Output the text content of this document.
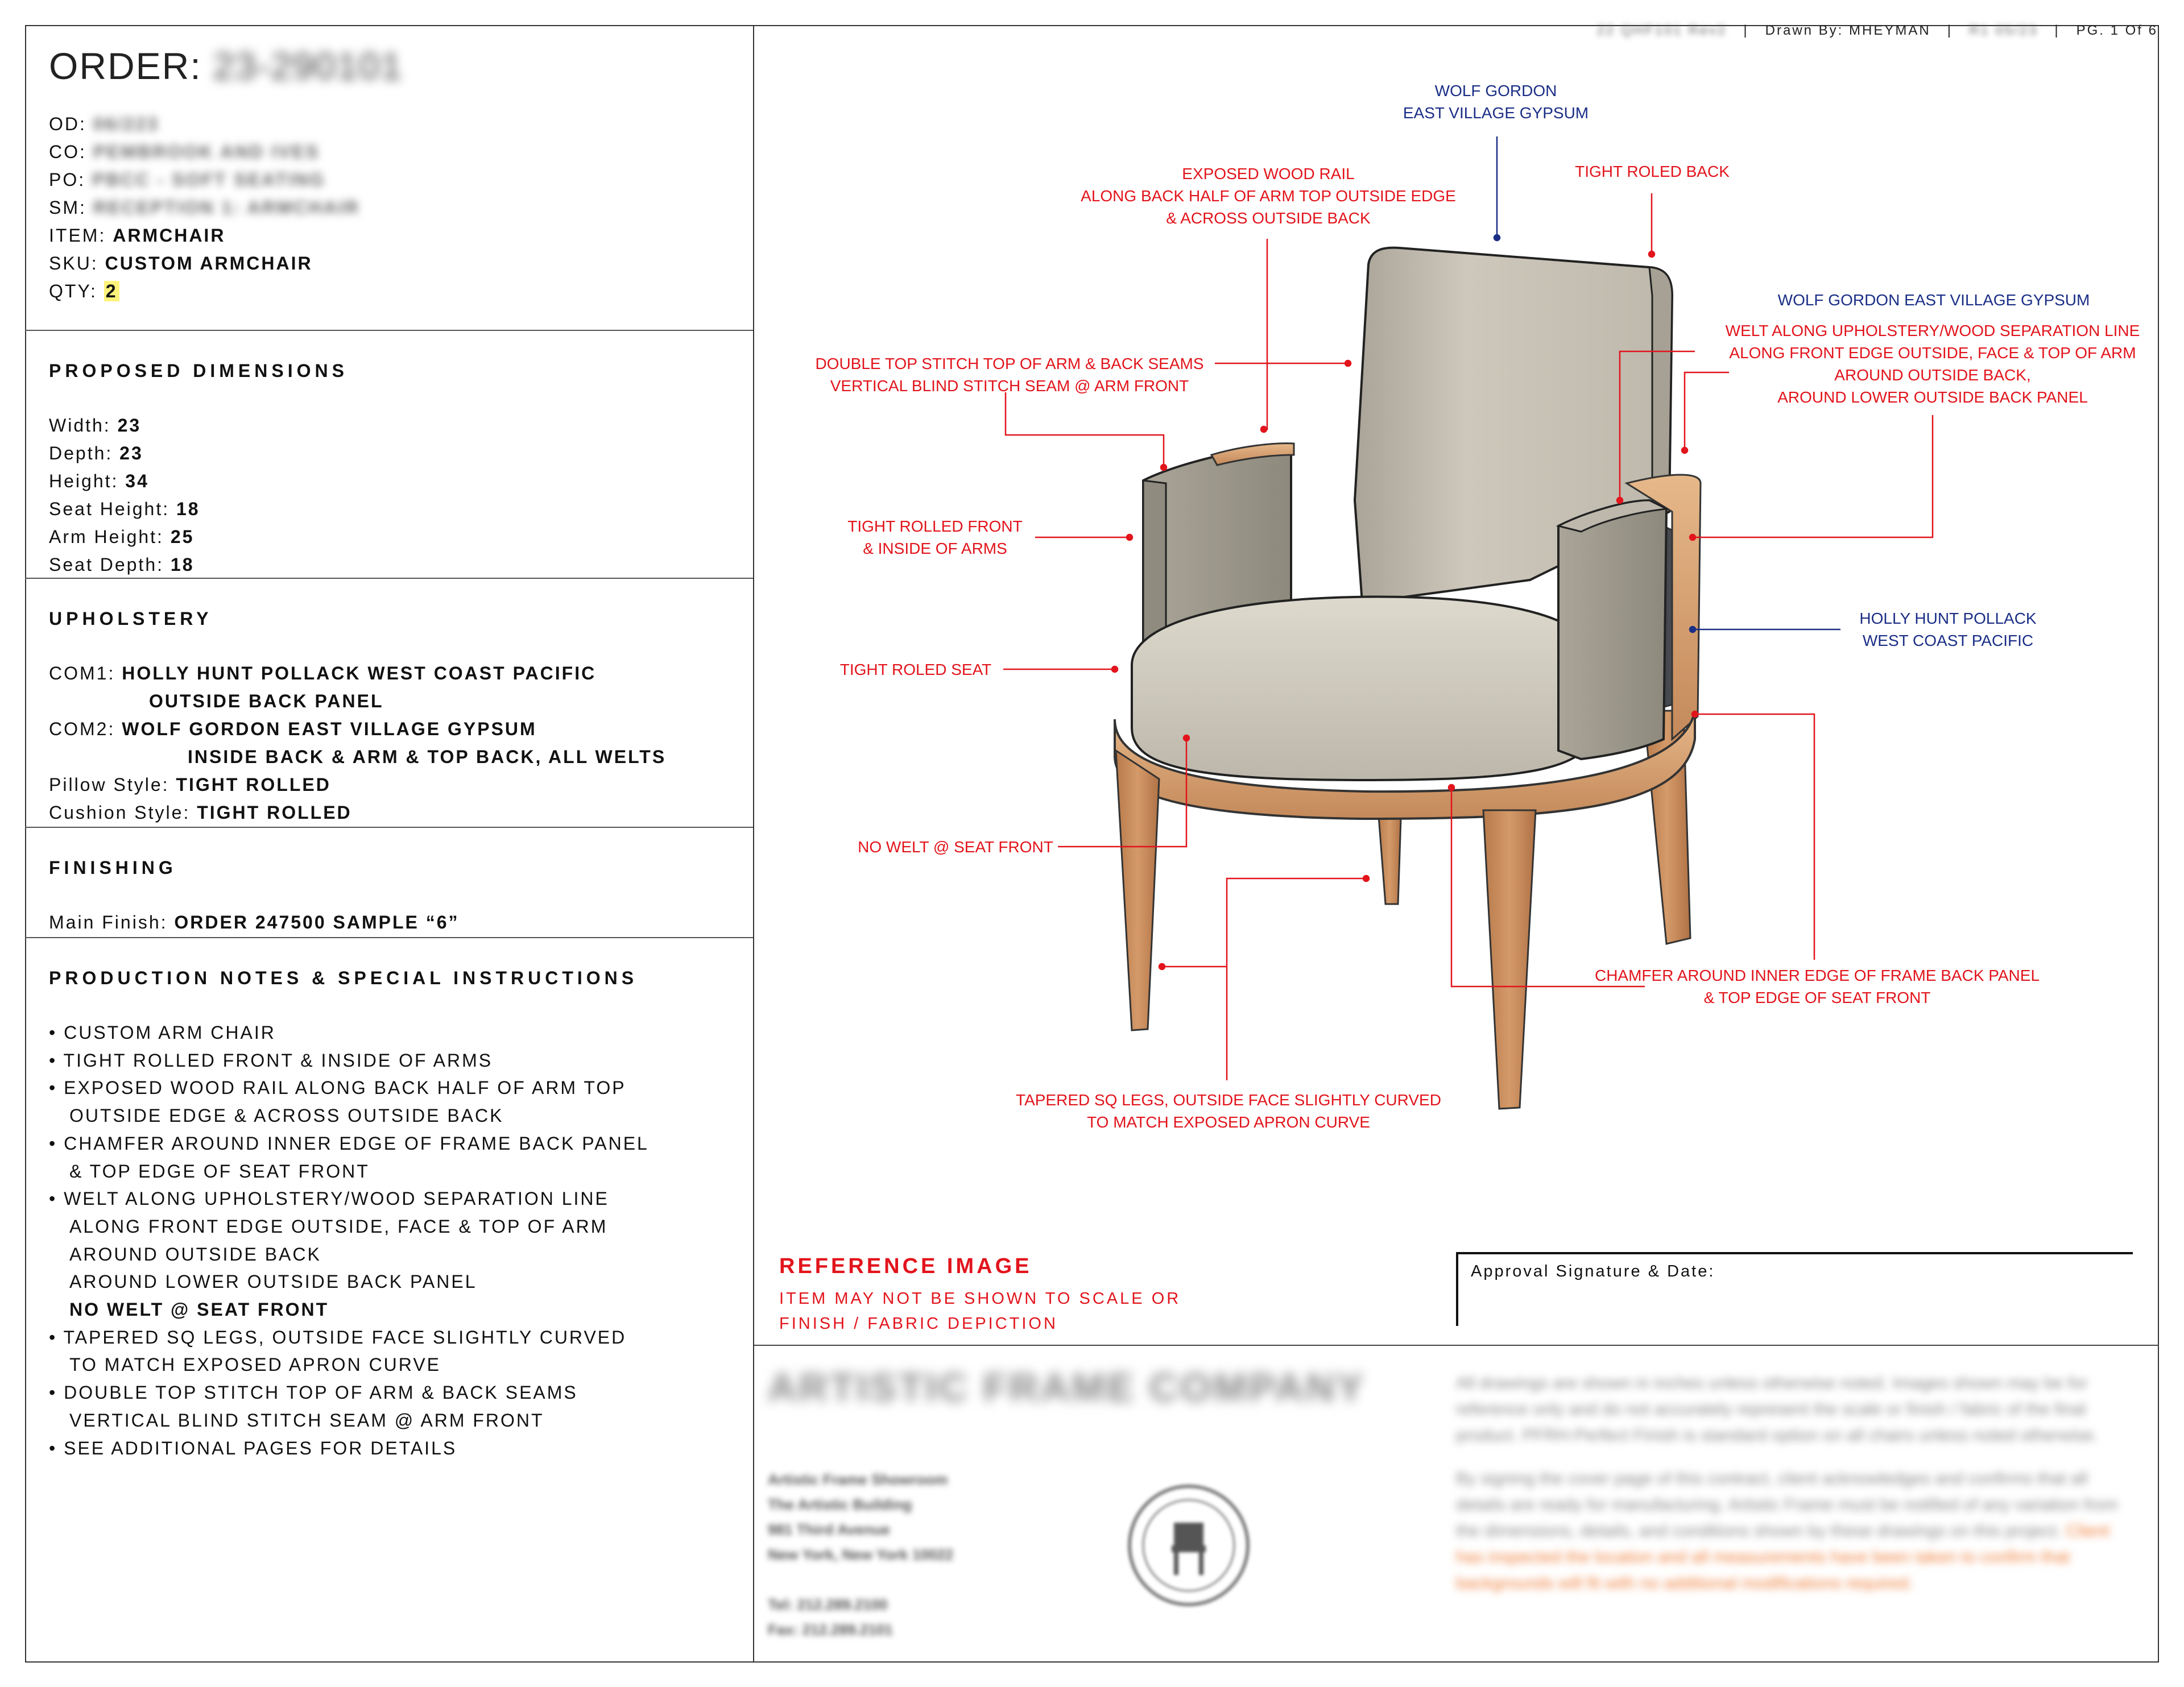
ORDER: 23-290101
OD: 06/223
CO: PEMBROOK AND IVES
PO: PBCC - SOFT SEATING
SM: RECEPTION 1: ARMCHAIR
ITEM: ARMCHAIR
SKU: CUSTOM ARMCHAIR
QTY: 2
PROPOSED DIMENSIONS
Width: 23
Depth: 23
Height: 34
Seat Height: 18
Arm Height: 25
Seat Depth: 18
UPHOLSTERY
COM1: HOLLY HUNT POLLACK WEST COAST PACIFIC
OUTSIDE BACK PANEL
COM2: WOLF GORDON EAST VILLAGE GYPSUM
INSIDE BACK & ARM & TOP BACK, ALL WELTS
Pillow Style: TIGHT ROLLED
Cushion Style: TIGHT ROLLED
FINISHING
Main Finish: ORDER 247500 SAMPLE “6”
PRODUCTION NOTES & SPECIAL INSTRUCTIONS
• CUSTOM ARM CHAIR
• TIGHT ROLLED FRONT & INSIDE OF ARMS
• EXPOSED WOOD RAIL ALONG BACK HALF OF ARM TOP
OUTSIDE EDGE & ACROSS OUTSIDE BACK
• CHAMFER AROUND INNER EDGE OF FRAME BACK PANEL
& TOP EDGE OF SEAT FRONT
• WELT ALONG UPHOLSTERY/WOOD SEPARATION LINE
ALONG FRONT EDGE OUTSIDE, FACE & TOP OF ARM
AROUND OUTSIDE BACK
AROUND LOWER OUTSIDE BACK PANEL
NO WELT @ SEAT FRONT
• TAPERED SQ LEGS, OUTSIDE FACE SLIGHTLY CURVED
TO MATCH EXPOSED APRON CURVE
• DOUBLE TOP STITCH TOP OF ARM & BACK SEAMS
VERTICAL BLIND STITCH SEAM @ ARM FRONT
• SEE ADDITIONAL PAGES FOR DETAILS
22 QHF101 Rev2   |   Drawn By: MHEYMAN   |   R1 05/23   |   PG. 1 Of 6
WOLF GORDON
EAST VILLAGE GYPSUM
EXPOSED WOOD RAIL
ALONG BACK HALF OF ARM TOP OUTSIDE EDGE
& ACROSS OUTSIDE BACK
TIGHT ROLED BACK
WOLF GORDON EAST VILLAGE GYPSUM
WELT ALONG UPHOLSTERY/WOOD SEPARATION LINE
ALONG FRONT EDGE OUTSIDE, FACE & TOP OF ARM
AROUND OUTSIDE BACK,
AROUND LOWER OUTSIDE BACK PANEL
DOUBLE TOP STITCH TOP OF ARM & BACK SEAMS
VERTICAL BLIND STITCH SEAM @ ARM FRONT
TIGHT ROLLED FRONT
& INSIDE OF ARMS
HOLLY HUNT POLLACK
WEST COAST PACIFIC
TIGHT ROLED SEAT
NO WELT @ SEAT FRONT
CHAMFER AROUND INNER EDGE OF FRAME BACK PANEL
& TOP EDGE OF SEAT FRONT
TAPERED SQ LEGS, OUTSIDE FACE SLIGHTLY CURVED
TO MATCH EXPOSED APRON CURVE
REFERENCE IMAGE
ITEM MAY NOT BE SHOWN TO SCALE OR
FINISH / FABRIC DEPICTION
Approval Signature & Date:
ARTISTIC FRAME COMPANY
Artistic Frame Showroom
The Artistic Building
981 Third Avenue
New York, New York 10022

Tel: 212.289.2100
Fax: 212.289.2101
All drawings are shown in inches unless otherwise noted. Images shown may be for reference only and do not accurately represent the scale or finish / fabric of the final product. PFRH-Perfect Finish is standard option on all chairs unless noted otherwise.
By signing the cover page of this contract, client acknowledges and confirms that all details are ready for manufacturing. Artistic Frame must be notified of any variation from the dimensions, details, and conditions shown by these drawings on this project. Client has inspected the location and all measurements have been taken to confirm that backgrounds will fit with no additional modifications required.
